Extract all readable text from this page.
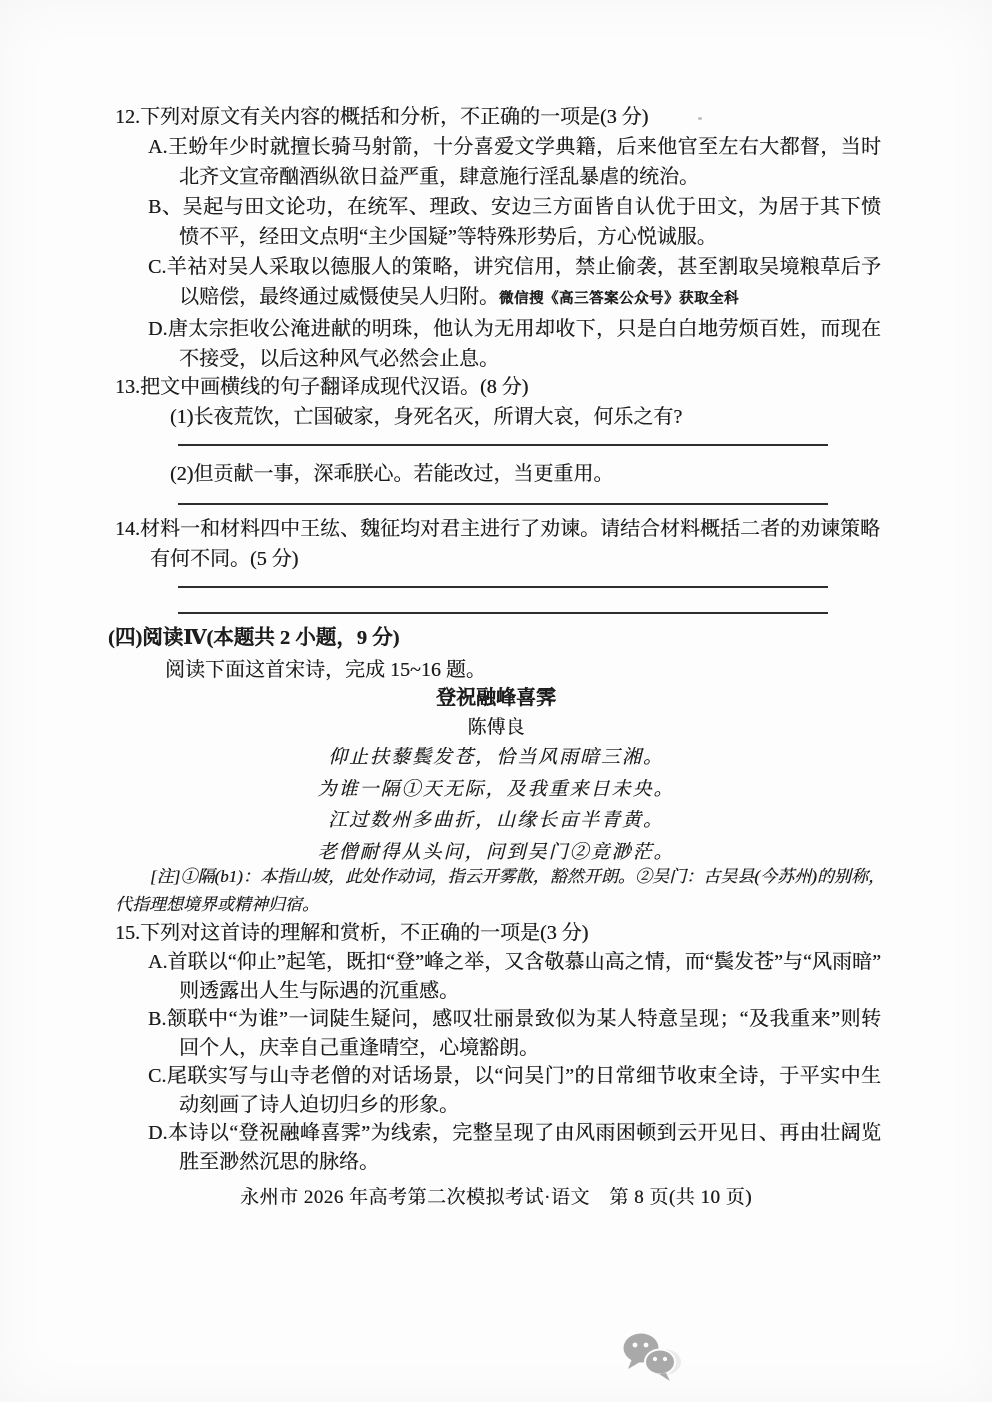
12.下列对原文有关内容的概括和分析，不正确的一项是(3 分)
A.王蚡年少时就擅长骑马射箭，十分喜爱文学典籍，后来他官至左右大都督，当时北齐文宣帝酗酒纵欲日益严重，肆意施行淫乱暴虐的统治。
B、吴起与田文论功，在统军、理政、安边三方面皆自认优于田文，为居于其下愤愤不平，经田文点明“主少国疑”等特殊形势后，方心悦诚服。
C.羊祜对吴人采取以德服人的策略，讲究信用，禁止偷袭，甚至割取吴境粮草后予以赔偿，最终通过威慑使吴人归附。微信搜《高三答案公众号》获取全科
D.唐太宗拒收公淹进献的明珠，他认为无用却收下，只是白白地劳烦百姓，而现在不接受，以后这种风气必然会止息。
13.把文中画横线的句子翻译成现代汉语。(8 分)
(1)长夜荒饮，亡国破家，身死名灭，所谓大哀，何乐之有?
(2)但贡献一事，深乖朕心。若能改过，当更重用。
14.材料一和材料四中王纮、魏征均对君主进行了劝谏。请结合材料概括二者的劝谏策略有何不同。(5 分)
(四)阅读Ⅳ(本题共 2 小题，9 分)
阅读下面这首宋诗，完成 15~16 题。
登祝融峰喜霁
陈傅良
仰止扶藜鬓发苍，恰当风雨暗三湘。
为谁一隔①天无际，及我重来日未央。
江过数州多曲折，山缘长亩半青黄。
老僧耐得从头问，问到吴门②竟渺茫。
[注]①隔(b1)：本指山坡，此处作动词，指云开雾散，豁然开朗。②吴门：古吴县(今苏州)的别称，代指理想境界或精神归宿。
15.下列对这首诗的理解和赏析，不正确的一项是(3 分)
A.首联以“仰止”起笔，既扣“登”峰之举，又含敬慕山高之情，而“鬓发苍”与“风雨暗”则透露出人生与际遇的沉重感。
B.颔联中“为谁”一词陡生疑问，感叹壮丽景致似为某人特意呈现；“及我重来”则转回个人，庆幸自己重逢晴空，心境豁朗。
C.尾联实写与山寺老僧的对话场景，以“问吴门”的日常细节收束全诗，于平实中生动刻画了诗人迫切归乡的形象。
D.本诗以“登祝融峰喜霁”为线索，完整呈现了由风雨困顿到云开见日、再由壮阔览胜至渺然沉思的脉络。
永州市 2026 年高考第二次模拟考试·语文　第 8 页(共 10 页)
